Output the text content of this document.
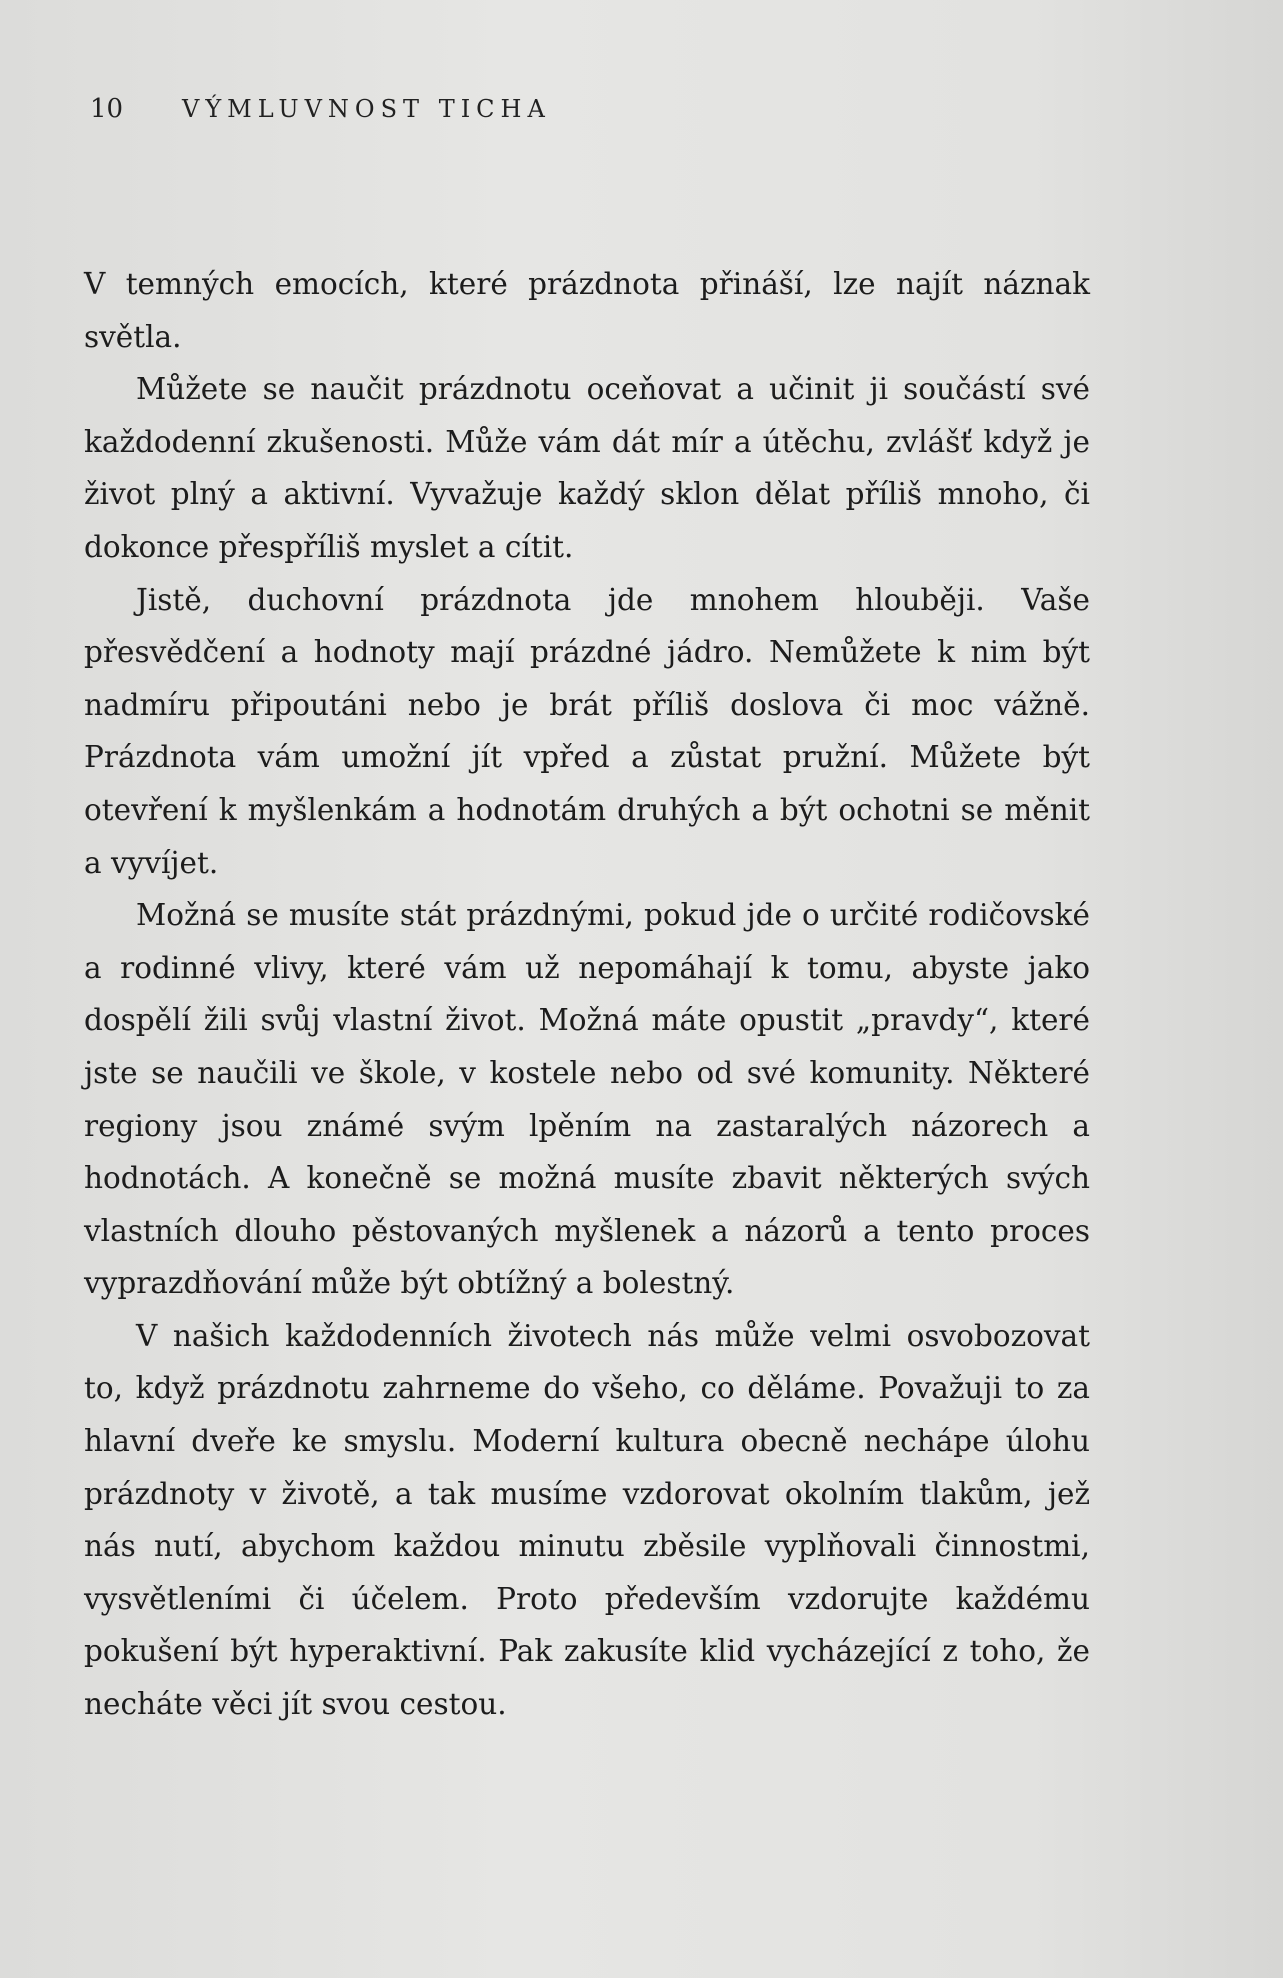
10 VÝMLUVNOST TICHA

V temných emocích, které prázdnota přináší, lze najít náznak světla.

Můžete se naučit prázdnotu oceňovat a učinit ji součástí své každodenní zkušenosti. Může vám dát mír a útěchu, zvlášť když je život plný a aktivní. Vyvažuje každý sklon dělat příliš mnoho, či dokonce přespříliš myslet a cítit.

Jistě, duchovní prázdnota jde mnohem hlouběji. Vaše přesvědčení a hodnoty mají prázdné jádro. Nemůžete k nim být nadmíru připoutáni nebo je brát příliš doslova či moc vážně. Prázdnota vám umožní jít vpřed a zůstat pružní. Můžete být otevření k myšlenkám a hodnotám druhých a být ochotni se měnit a vyvíjet.

Možná se musíte stát prázdnými, pokud jde o určité rodičovské a rodinné vlivy, které vám už nepomáhají k tomu, abyste jako dospělí žili svůj vlastní život. Možná máte opustit „pravdy“, které jste se naučili ve škole, v kostele nebo od své komunity. Některé regiony jsou známé svým lpěním na zastaralých názorech a hodnotách. A konečně se možná musíte zbavit některých svých vlastních dlouho pěstovaných myšlenek a názorů a tento proces vyprazdňování může být obtížný a bolestný.

V našich každodenních životech nás může velmi osvobozovat to, když prázdnotu zahrneme do všeho, co děláme. Považuji to za hlavní dveře ke smyslu. Moderní kultura obecně nechápe úlohu prázdnoty v životě, a tak musíme vzdorovat okolním tlakům, jež nás nutí, abychom každou minutu zběsile vyplňovali činnostmi, vysvětleními či účelem. Proto především vzdorujte každému pokušení být hyperaktivní. Pak zakusíte klid vycházející z toho, že necháte věci jít svou cestou.
